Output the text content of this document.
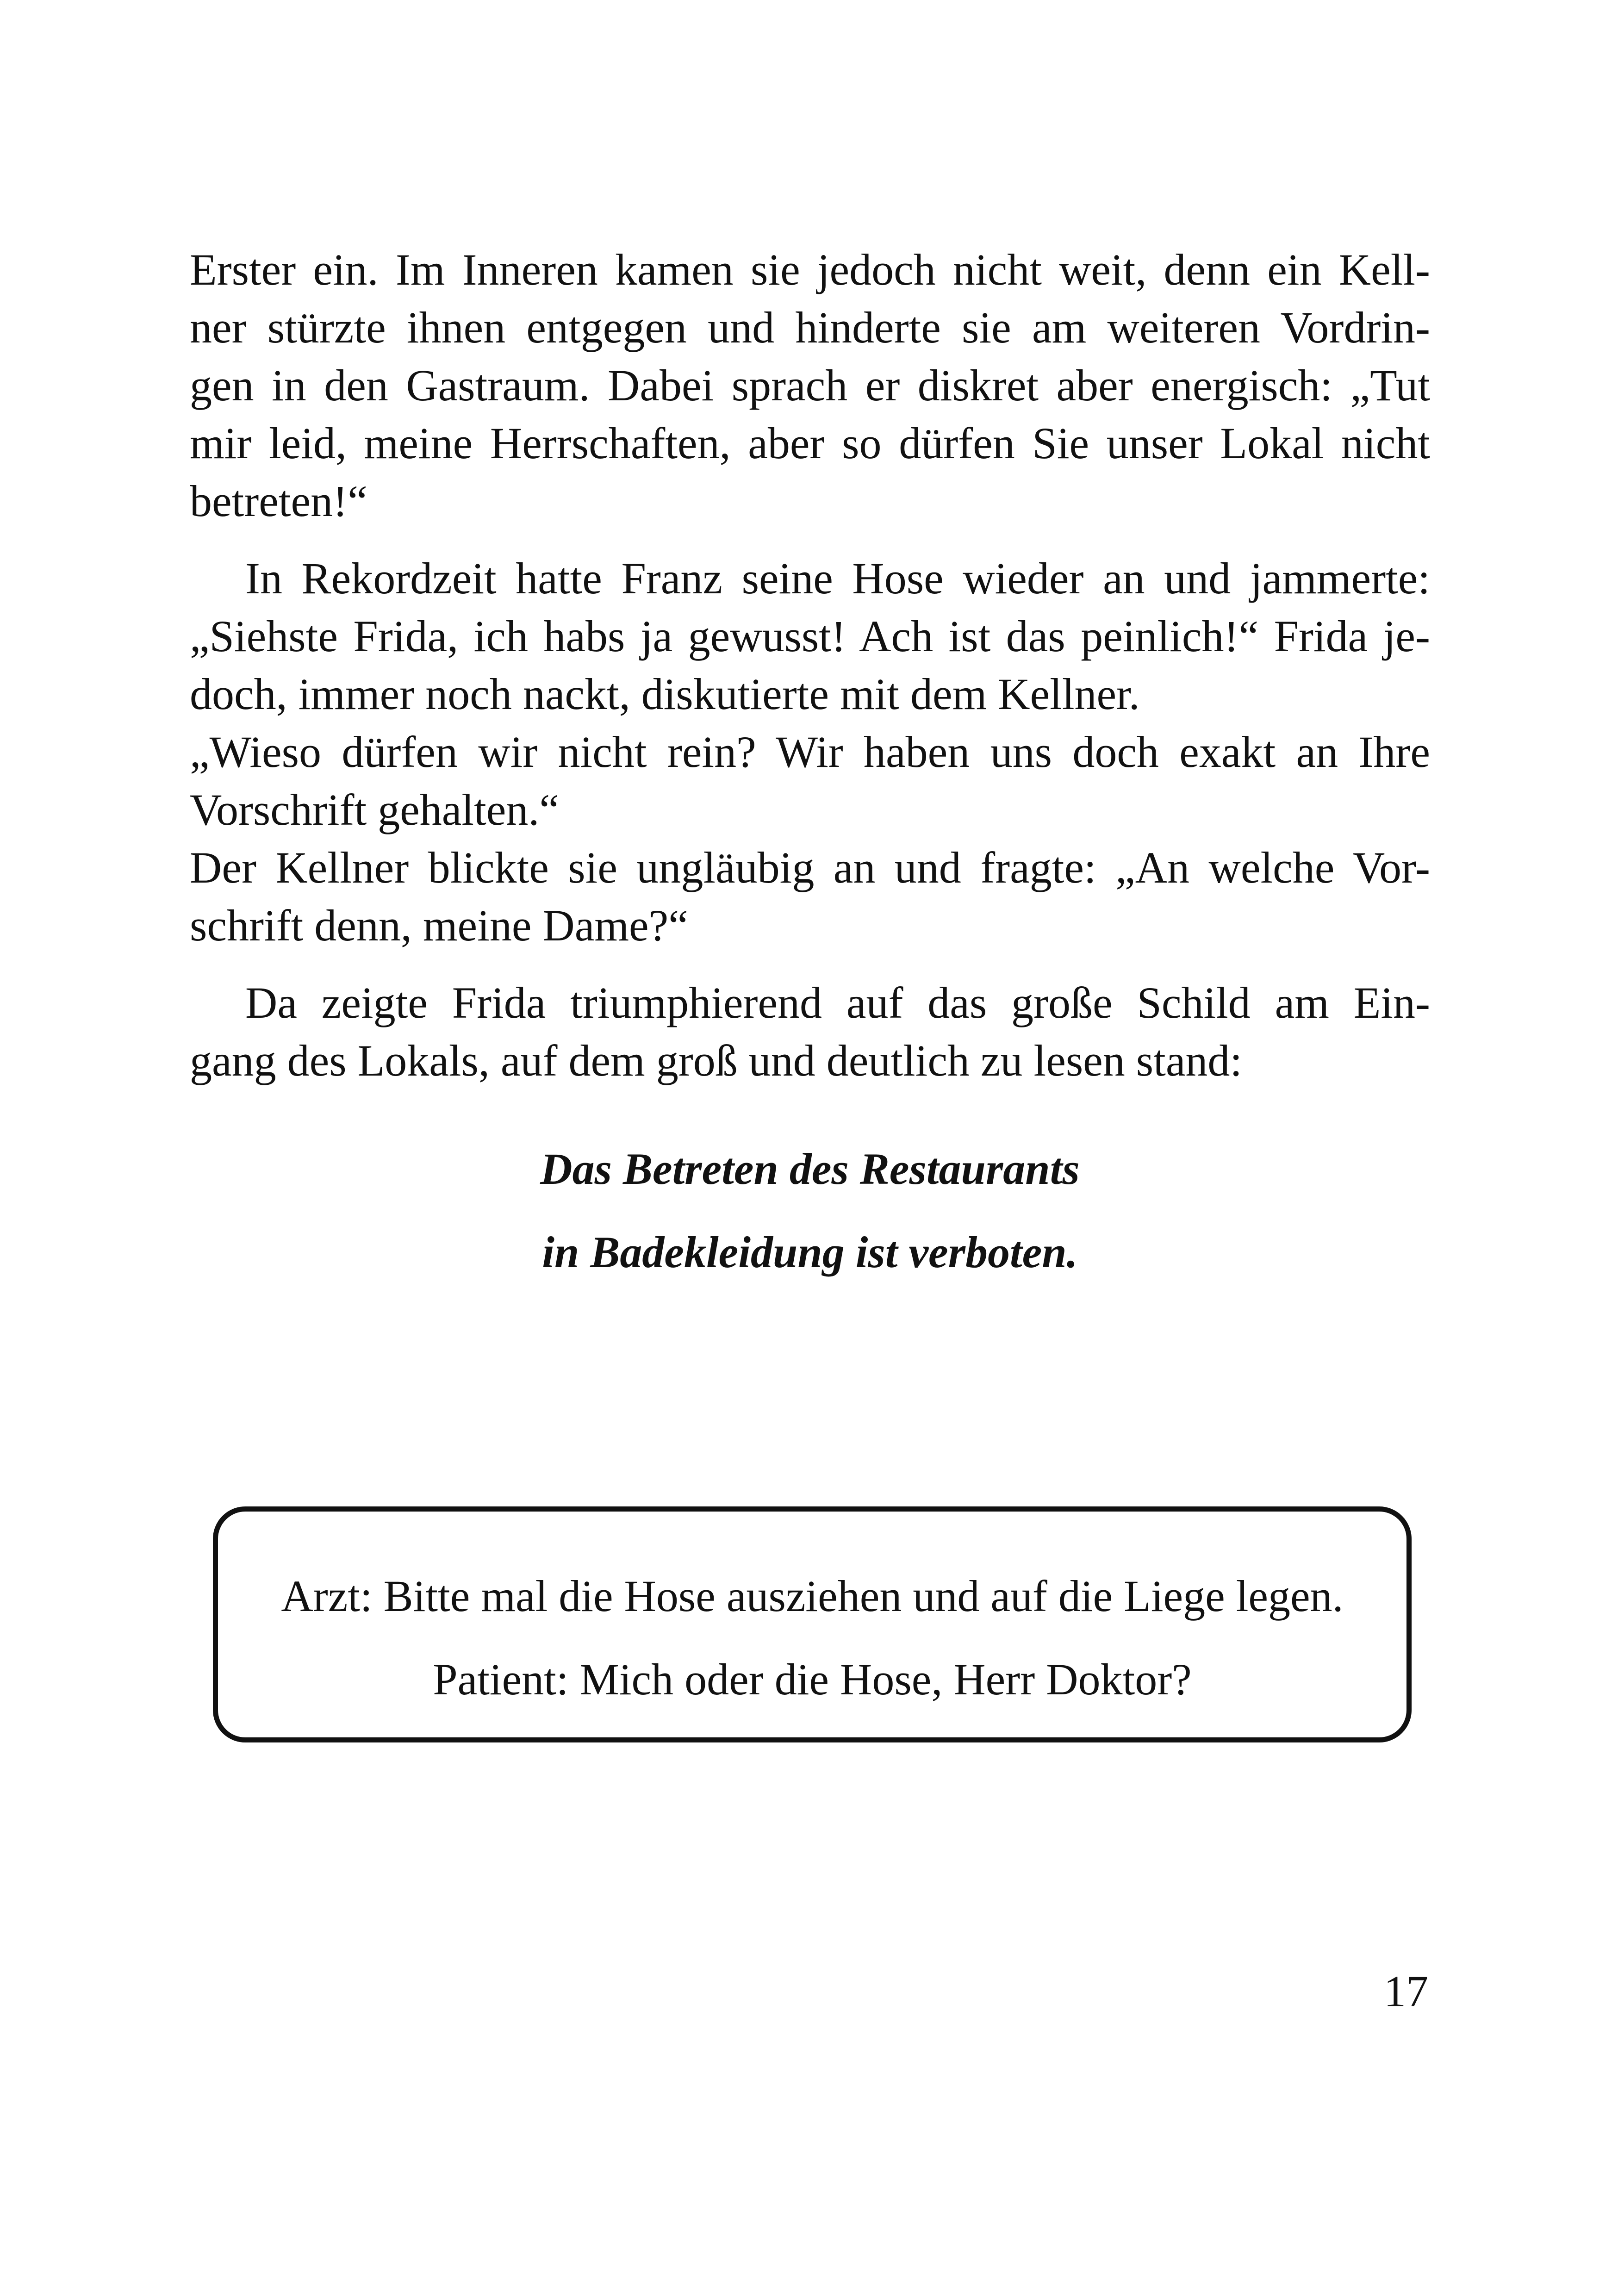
Erster ein. Im Inneren kamen sie jedoch nicht weit, denn ein Kell-
ner stürzte ihnen entgegen und hinderte sie am weiteren Vordrin-
gen in den Gastraum. Dabei sprach er diskret aber energisch: „Tut
mir leid, meine Herrschaften, aber so dürfen Sie unser Lokal nicht
betreten!“

In Rekordzeit hatte Franz seine Hose wieder an und jammerte:
„Siehste Frida, ich habs ja gewusst! Ach ist das peinlich!“ Frida je-
doch, immer noch nackt, diskutierte mit dem Kellner.

„Wieso dürfen wir nicht rein? Wir haben uns doch exakt an Ihre
Vorschrift gehalten.“

Der Kellner blickte sie ungläubig an und fragte: „An welche Vor-
schrift denn, meine Dame?“

Da zeigte Frida triumphierend auf das große Schild am Ein-
gang des Lokals, auf dem groß und deutlich zu lesen stand:

Das Betreten des Restaurants
in Badekleidung ist verboten.
Arzt: Bitte mal die Hose ausziehen und auf die Liege legen.
Patient: Mich oder die Hose, Herr Doktor?
17
